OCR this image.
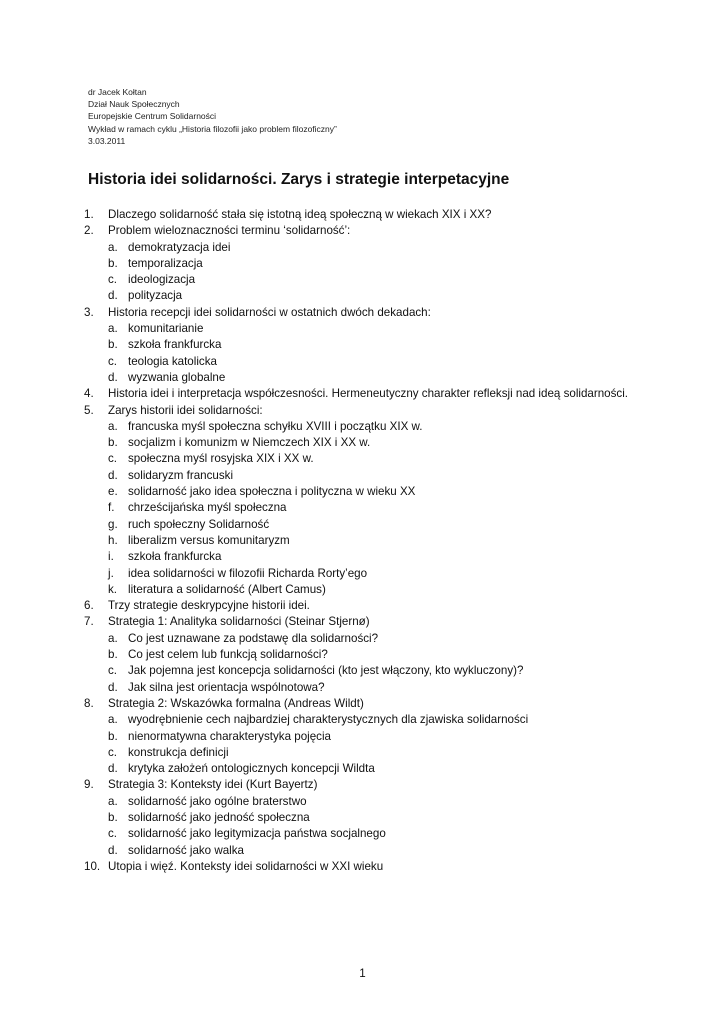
dr Jacek Kołtan
Dział Nauk Społecznych
Europejskie Centrum Solidarności
Wykład w ramach cyklu „Historia filozofii jako problem filozoficzny”
3.03.2011
Historia idei solidarności. Zarys i strategie interpetacyjne
1.	Dlaczego solidarność stała się istotną ideą społeczną w wiekach XIX i XX?
2.	Problem wieloznaczności terminu ‘solidarność’:
a. demokratyzacja idei
b. temporalizacja
c. ideologizacja
d. polityzacja
3.	Historia recepcji idei solidarności w ostatnich dwóch dekadach:
a. komunitarianie
b. szkoła frankfurcka
c. teologia katolicka
d. wyzwania globalne
4.	Historia idei i interpretacja współczesności. Hermeneutyczny charakter refleksji nad ideą solidarności.
5.	Zarys historii idei solidarności:
a. francuska myśl społeczna schyłku XVIII i początku XIX w.
b. socjalizm i komunizm w Niemczech XIX i XX w.
c. społeczna myśl rosyjska XIX i XX w.
d. solidaryzm francuski
e. solidarność jako idea społeczna i polityczna w wieku XX
f.	chrześcijańska myśl społeczna
g. ruch społeczny Solidarność
h. liberalizm versus komunitaryzm
i.	szkoła frankfurcka
j.	idea solidarności w filozofii Richarda Rorty’ego
k. literatura a solidarność (Albert Camus)
6.	Trzy strategie deskrypcyjne historii idei.
7.	Strategia 1: Analityka solidarności (Steinar Stjernø)
a. Co jest uznawane za podstawę dla solidarności?
b. Co jest celem lub funkcją solidarności?
c. Jak pojemna jest koncepcja solidarności (kto jest włączony, kto wykluczony)?
d. Jak silna jest orientacja wspólnotowa?
8.	Strategia 2: Wskazówka formalna (Andreas Wildt)
a. wyodrębnienie cech najbardziej charakterystycznych dla zjawiska solidarności
b. nienormatywna charakterystyka pojęcia
c. konstrukcja definicji
d. krytyka założeń ontologicznych koncepcji Wildta
9.	Strategia 3: Konteksty idei (Kurt Bayertz)
a. solidarność jako ogólne braterstwo
b. solidarność jako jedność społeczna
c. solidarność jako legitymizacja państwa socjalnego
d. solidarność jako walka
10. Utopia i więź. Konteksty idei solidarności w XXI wieku
1
